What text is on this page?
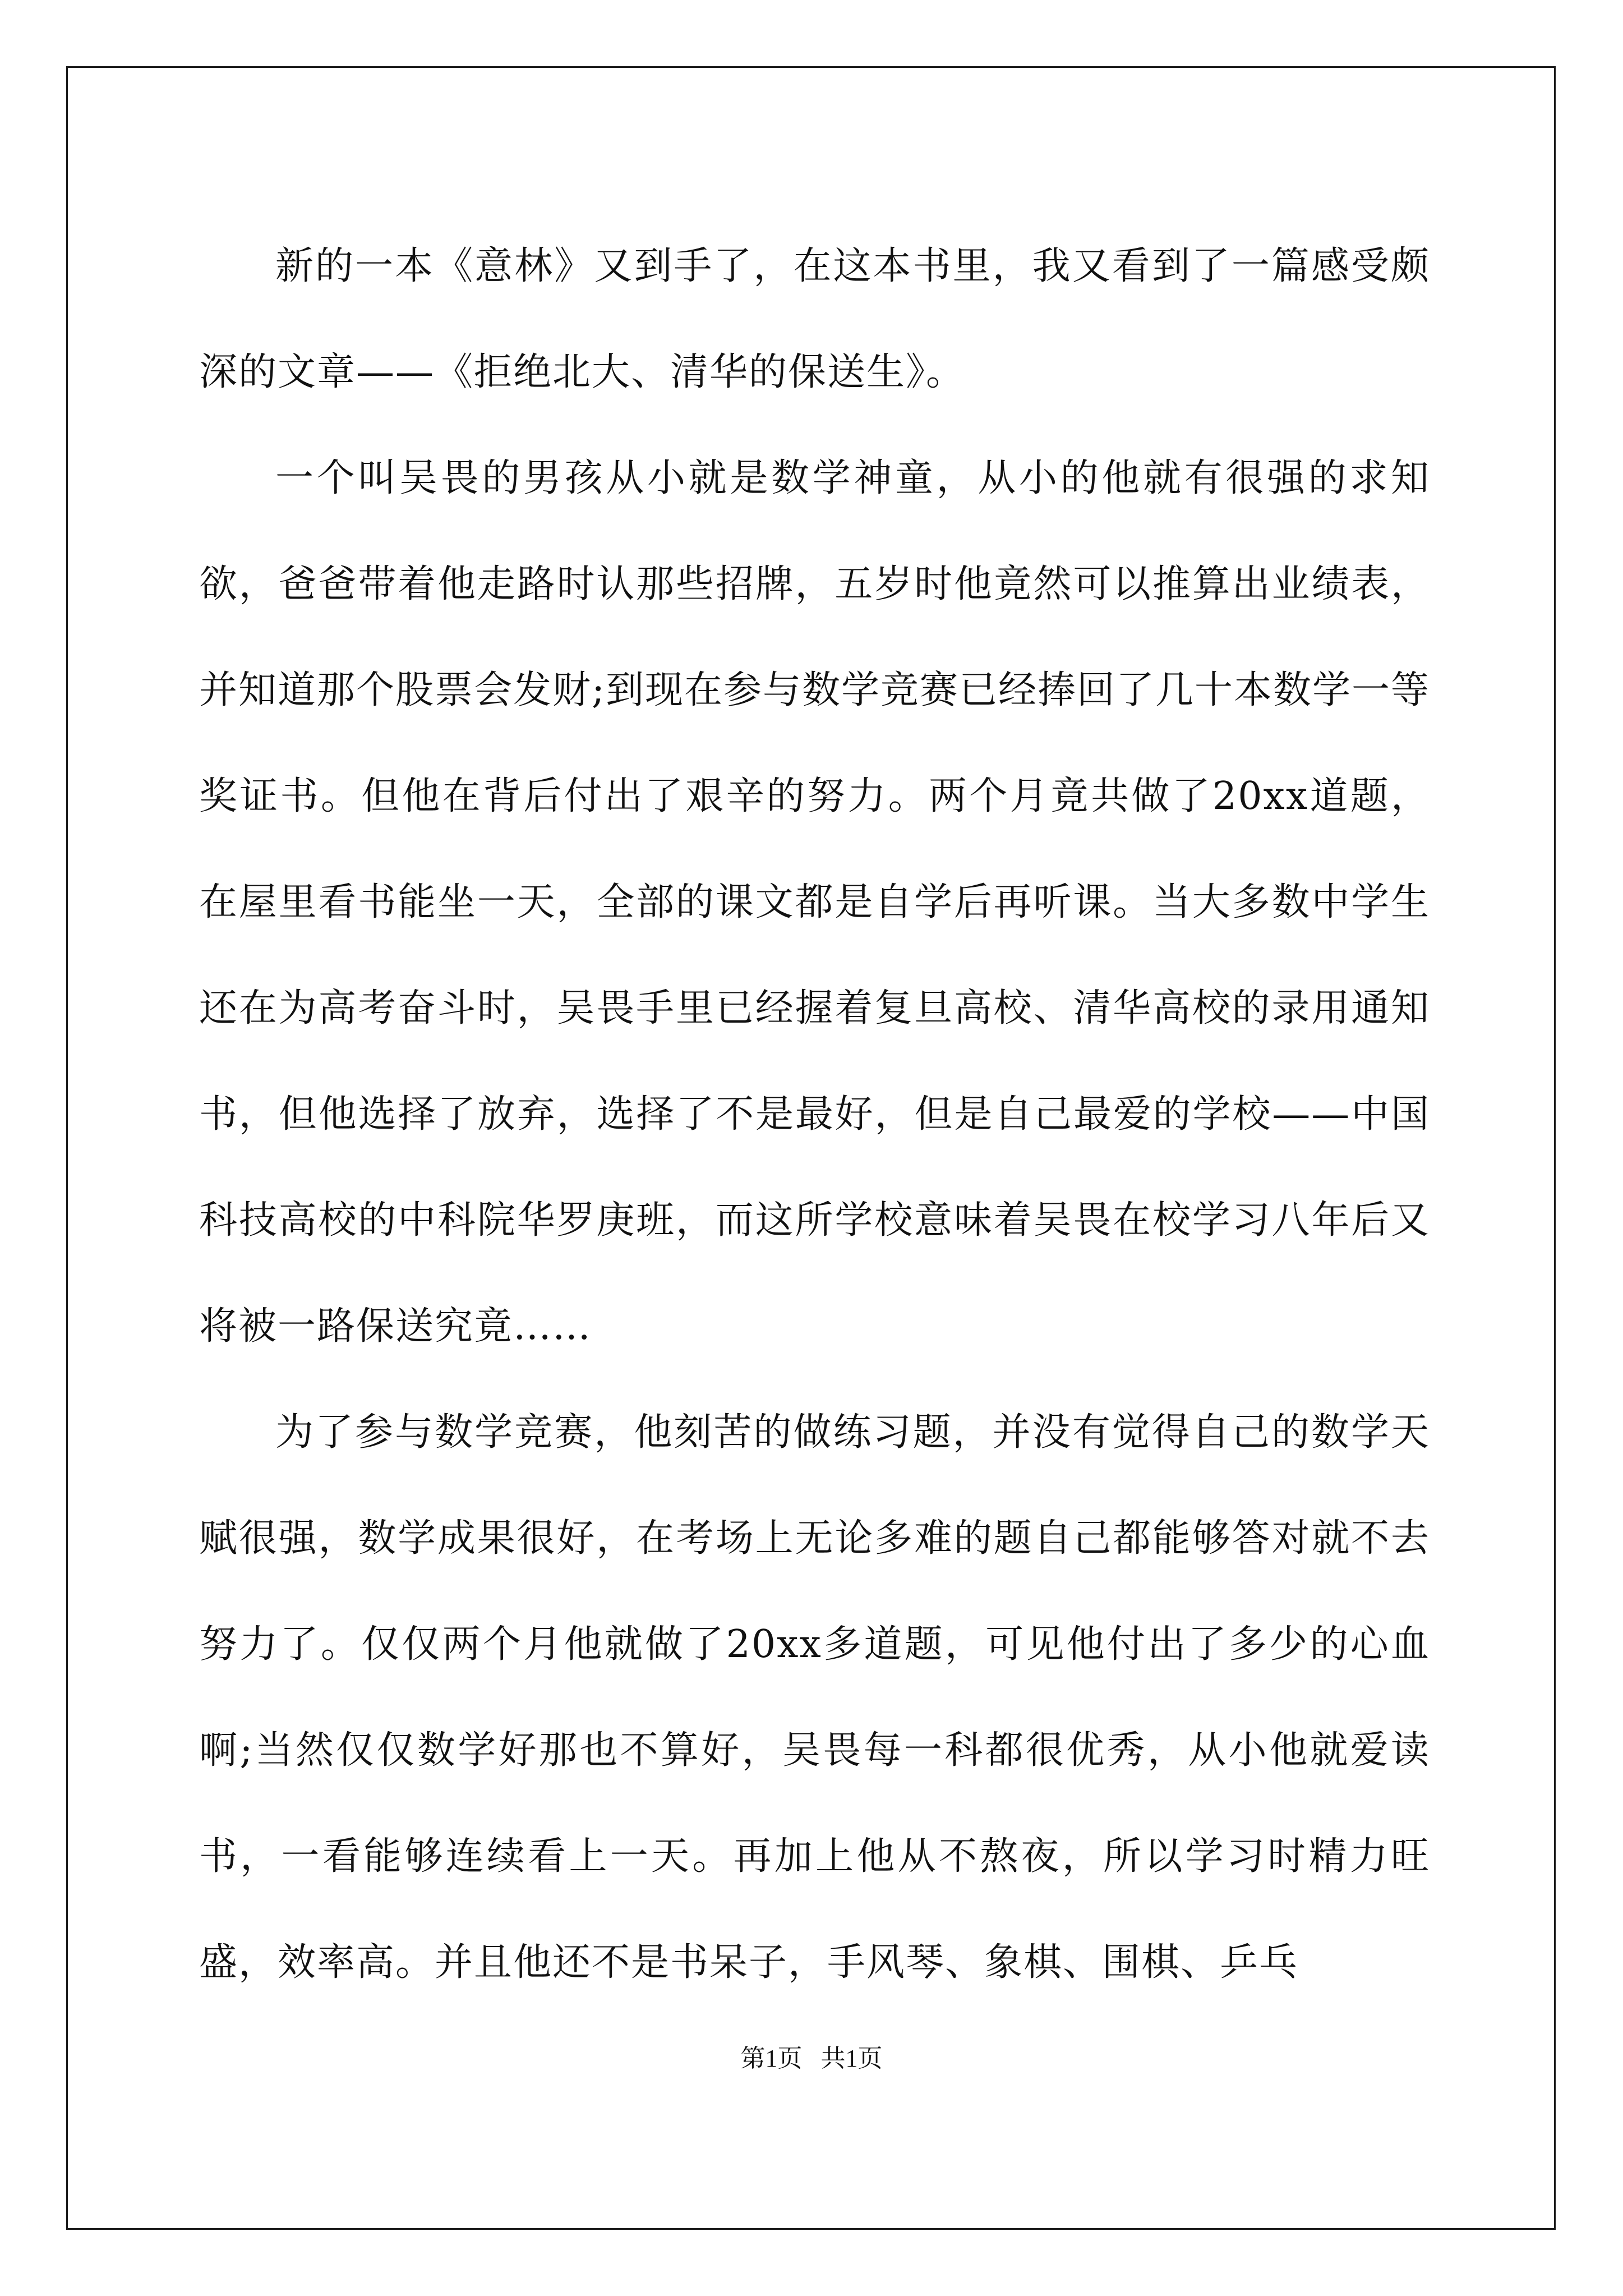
新的一本《意林》又到手了，在这本书里，我又看到了一篇感受颇深的文章——《拒绝北大、清华的保送生》。

一个叫吴畏的男孩从小就是数学神童，从小的他就有很强的求知欲，爸爸带着他走路时认那些招牌，五岁时他竟然可以推算出业绩表，并知道那个股票会发财;到现在参与数学竞赛已经捧回了几十本数学一等奖证书。但他在背后付出了艰辛的努力。两个月竟共做了20xx道题，在屋里看书能坐一天，全部的课文都是自学后再听课。当大多数中学生还在为高考奋斗时，吴畏手里已经握着复旦高校、清华高校的录用通知书，但他选择了放弃，选择了不是最好，但是自己最爱的学校——中国科技高校的中科院华罗庚班，而这所学校意味着吴畏在校学习八年后又将被一路保送究竟……

为了参与数学竞赛，他刻苦的做练习题，并没有觉得自己的数学天赋很强，数学成果很好，在考场上无论多难的题自己都能够答对就不去努力了。仅仅两个月他就做了20xx多道题，可见他付出了多少的心血啊;当然仅仅数学好那也不算好，吴畏每一科都很优秀，从小他就爱读书，一看能够连续看上一天。再加上他从不熬夜，所以学习时精力旺盛，效率高。并且他还不是书呆子，手风琴、象棋、围棋、乒乓

第1页   共1页
